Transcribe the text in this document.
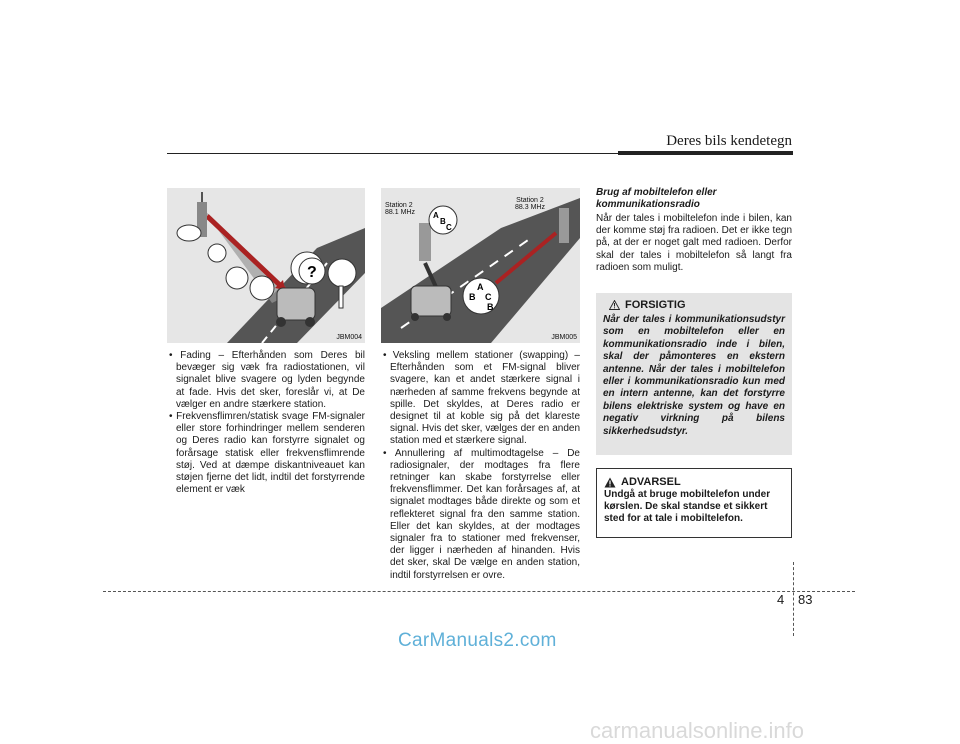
Deres bils kendetegn
?
JBM004
A
B
C
A
B C
B
Station 2
88.1 MHz
Station 2
88.3 MHz
JBM005

• Fading – Efterhånden som Deres bil bevæger sig væk fra radiostationen, vil signalet blive svagere og lyden begynde at fade. Hvis det sker, foreslår vi, at De vælger en andre stærkere station.

• Frekvensflimren/statisk svage FM-signaler eller store forhindringer mellem senderen og Deres radio kan forstyrre signalet og forårsage statisk eller frekvensflimrende støj. Ved at dæmpe diskantniveauet kan støjen fjerne det lidt, indtil det forstyrrende element er væk

• Veksling mellem stationer (swapping) – Efterhånden som et FM-signal bliver svagere, kan et andet stærkere signal i nærheden af samme frekvens begynde at spille. Det skyldes, at Deres radio er designet til at koble sig på det klareste signal. Hvis det sker, vælges der en anden station med et stærkere signal.

• Annullering af multimodtagelse – De radiosignaler, der modtages fra flere retninger kan skabe forstyrrelse eller frekvensflimmer. Det kan forårsages af, at signalet modtages både direkte og som et reflekteret signal fra den samme station. Eller det kan skyldes, at der modtages signaler fra to stationer med frekvenser, der ligger i nærheden af hinanden. Hvis det sker, skal De vælge en anden station, indtil forstyrrelsen er ovre.

Brug af mobiltelefon eller kommunikationsradio
Når der tales i mobiltelefon inde i bilen, kan der komme støj fra radioen. Det er ikke tegn på, at der er noget galt med radioen. Derfor skal der tales i mobiltelefon så langt fra radioen som muligt.
FORSIGTIG
Når der tales i kommunikationsudstyr som en mobiltelefon eller en kommunikationsradio inde i bilen, skal der påmonteres en ekstern antenne. Når der tales i mobiltelefon eller i kommunikationsradio kun med en intern antenne, kan det forstyrre bilens elektriske system og have en negativ virkning på bilens sikkerhedsudstyr.
ADVARSEL
Undgå at bruge mobiltelefon under kørslen. De skal standse et sikkert sted for at tale i mobiltelefon.
4 83
CarManuals2.com
carmanualsonline.info
